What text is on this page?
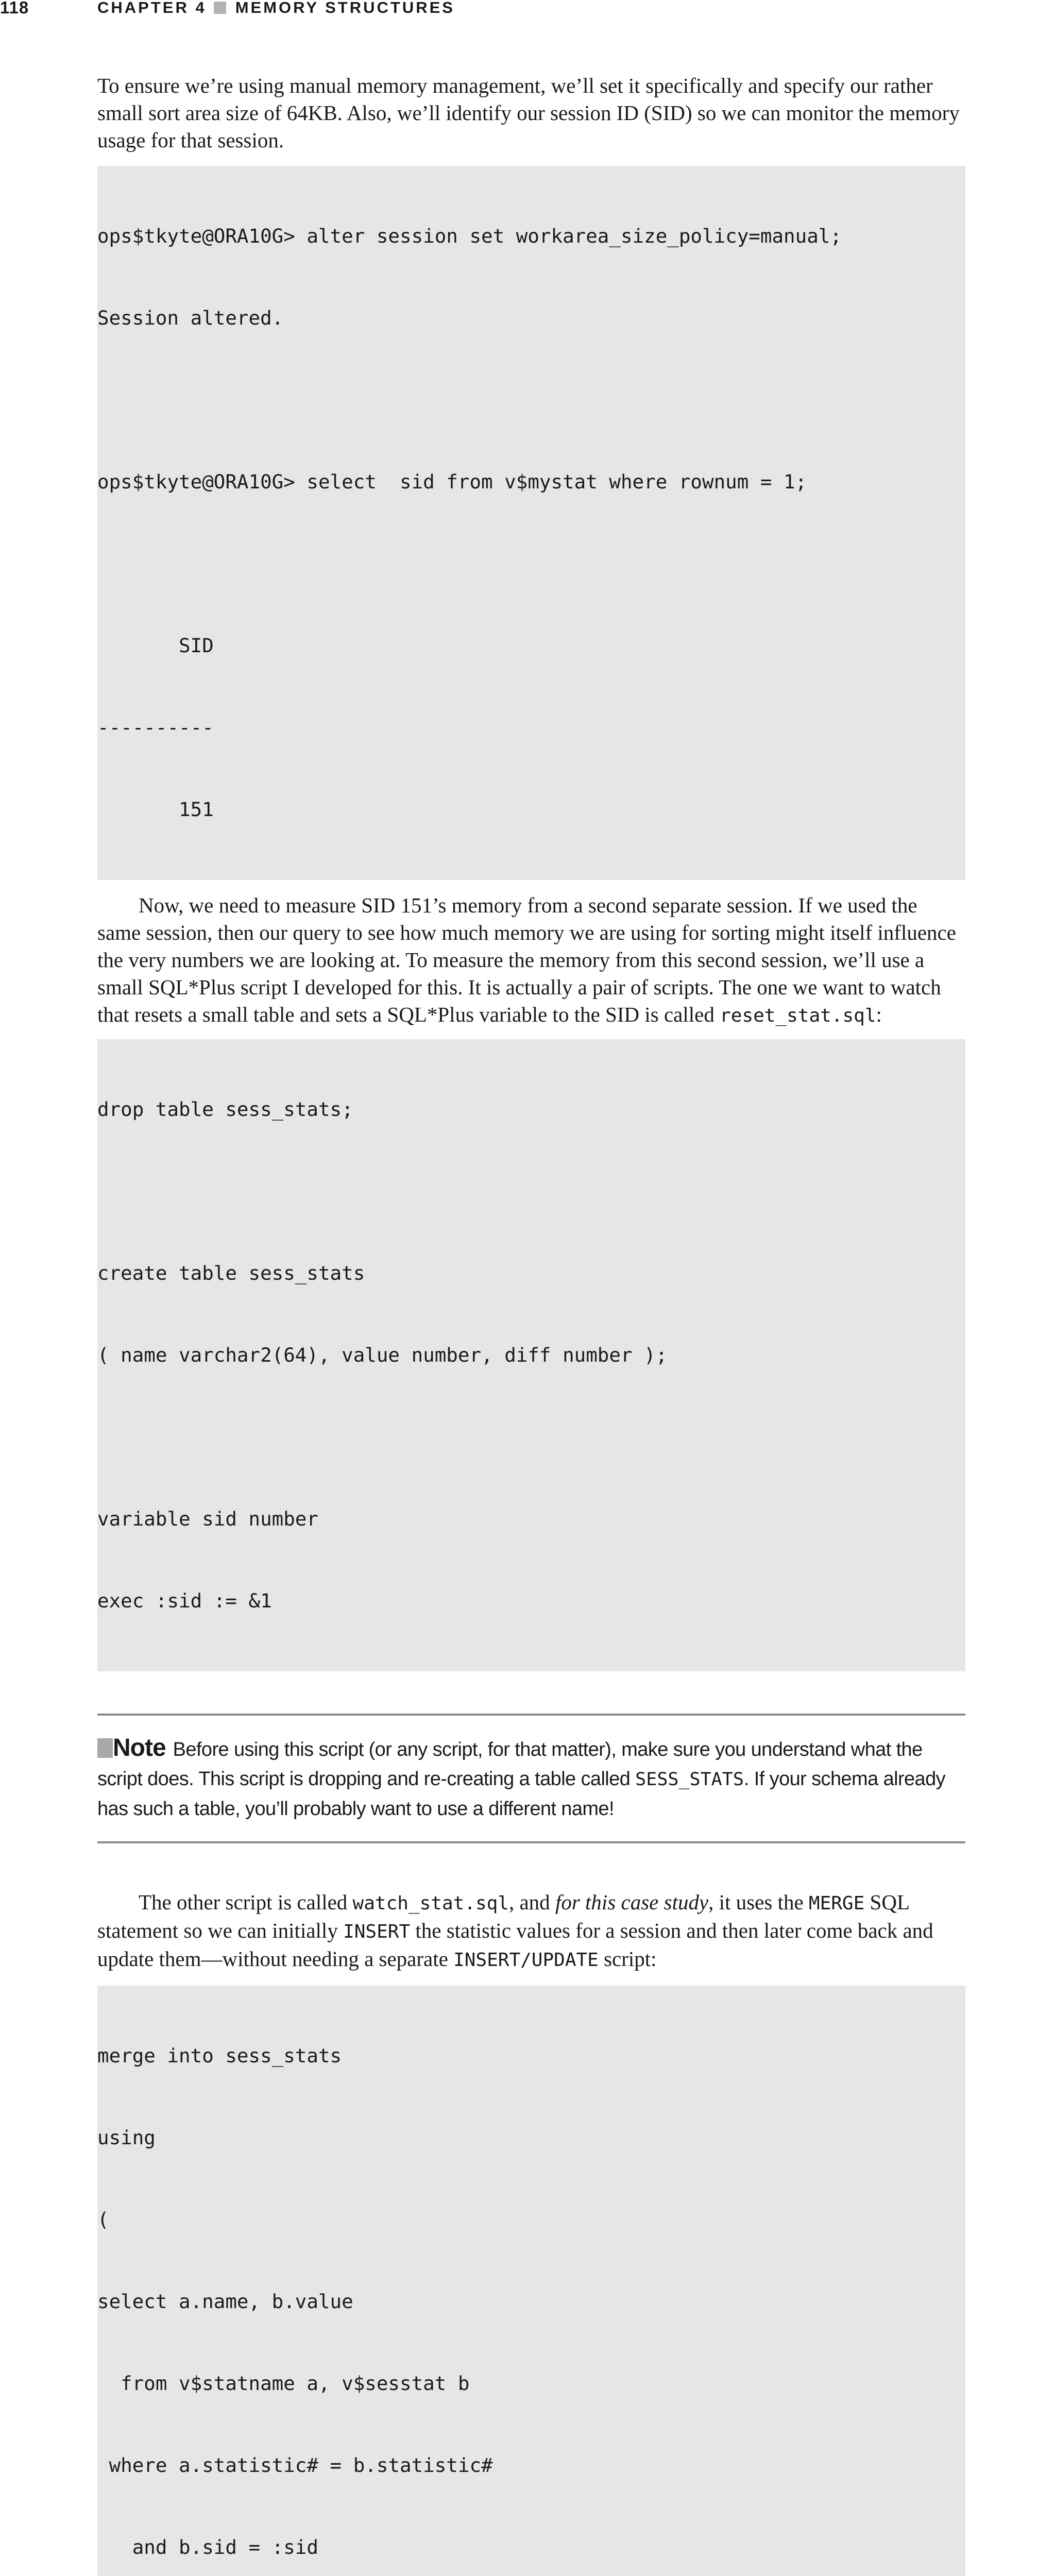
118	CHAPTER 4 MEMORY STRUCTURES

To ensure we’re using manual memory management, we’ll set it specifically and specify our rather small sort area size of 64KB. Also, we’ll identify our session ID (SID) so we can monitor the memory usage for that session.

ops$tkyte@ORA10G> alter session set workarea_size_policy=manual;

Session altered.

ops$tkyte@ORA10G> select  sid from v$mystat where rownum = 1;

SID

----------

151

Now, we need to measure SID 151’s memory from a second separate session. If we used the same session, then our query to see how much memory we are using for sorting might itself influence the very numbers we are looking at. To measure the memory from this second session, we’ll use a small SQL*Plus script I developed for this. It is actually a pair of scripts. The one we want to watch that resets a small table and sets a SQL*Plus variable to the SID is called reset_stat.sql:

drop table sess_stats;

create table sess_stats

( name varchar2(64), value number, diff number );

variable sid number

exec :sid := &1

Note Before using this script (or any script, for that matter), make sure you understand what the script does. This script is dropping and re-creating a table called SESS_STATS. If your schema already has such a table, you’ll probably want to use a different name!

The other script is called watch_stat.sql, and for this case study, it uses the MERGE SQL statement so we can initially INSERT the statistic values for a session and then later come back and update them—without needing a separate INSERT/UPDATE script:

merge into sess_stats

using

(

select a.name, b.value

from v$statname a, v$sesstat b

where a.statistic# = b.statistic#

and b.sid = :sid
